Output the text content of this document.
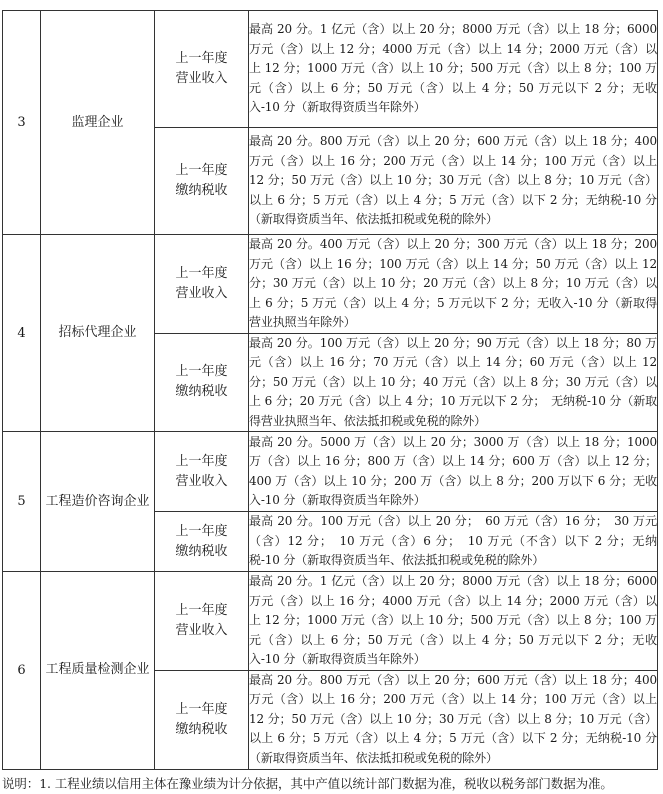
3	监理企业	上一年度
营业收入	最高 20 分。1 亿元（含）以上 20 分；8000 万元（含）以上 18 分；6000 万元（含）以上 12 分；4000 万元（含）以上 14 分；2000 万元（含）以上 12 分；1000 万元（含）以上 10 分；500 万元（含）以上 8 分；100 万元（含）以上 6 分；50 万元（含）以上 4 分；50 万元以下 2 分；无收入-10 分（新取得资质当年除外）

		上一年度
缴纳税收	最高 20 分。800 万元（含）以上 20 分；600 万元（含）以上 18 分；400 万元（含）以上 16 分；200 万元（含）以上 14 分；100 万元（含）以上 12 分；50 万元（含）以上 10 分；30 万元（含）以上 8 分；10 万元（含）以上 6 分；5 万元（含）以上 4 分；5 万元（含）以下 2 分；无纳税-10 分（新取得资质当年、依法抵扣税或免税的除外）
4	招标代理企业	上一年度
营业收入	最高 20 分。400 万元（含）以上 20 分；300 万元（含）以上 18 分；200 万元（含）以上 16 分；100 万元（含）以上 14 分；50 万元（含）以上 12 分；30 万元（含）以上 10 分；20 万元（含）以上 8 分；10 万元（含）以上 6 分；5 万元（含）以上 4 分；5 万元以下 2 分；无收入-10 分（新取得营业执照当年除外）

		上一年度
缴纳税收	最高 20 分。100 万元（含）以上 20 分；90 万元（含）以上 18 分；80 万元（含）以上 16 分；70 万元（含）以上 14 分；60 万元（含）以上 12 分；50 万元（含）以上 10 分；40 万元（含）以上 8 分；30 万元（含）以上 6 分；20 万元（含）以上 4 分；10 万元以下 2 分；　无纳税-10 分（新取得营业执照当年、依法抵扣税或免税的除外）
5	工程造价咨询企业	上一年度
营业收入	最高 20 分。5000 万（含）以上 20 分；3000 万（含）以上 18 分；1000 万（含）以上 16 分；800 万（含）以上 14 分；600 万（含）以上 12 分；400 万（含）以上 10 分；200 万（含）以上 8 分；200 万以下 6 分；无收入-10 分（新取得资质当年除外）

		上一年度
缴纳税收	最高 20 分。100 万元（含）以上 20 分；　60 万元（含）16 分；　30 万元（含）12 分；　10 万元（含）6 分；　10 万元（不含）以下 2 分；无纳税-10 分（新取得资质当年、依法抵扣税或免税的除外）
6	工程质量检测企业	上一年度
营业收入	最高 20 分。1 亿元（含）以上 20 分；8000 万元（含）以上 18 分；6000 万元（含）以上 16 分；4000 万元（含）以上 14 分；2000 万元（含）以上 12 分；1000 万元（含）以上 10 分；500 万元（含）以上 8 分；100 万元（含）以上 6 分；50 万元（含）以上 4 分；50 万元以下 2 分；无收入-10 分（新取得资质当年除外）

		上一年度
缴纳税收	最高 20 分。800 万元（含）以上 20 分；600 万元（含）以上 18 分；400 万元（含）以上 16 分；200 万元（含）以上 14 分；100 万元（含）以上 12 分；50 万元（含）以上 10 分；30 万元（含）以上 8 分；10 万元（含）以上 6 分；5 万元（含）以上 4 分；5 万元（含）以下 2 分；无纳税-10 分（新取得资质当年、依法抵扣税或免税的除外）
说明：1. 工程业绩以信用主体在豫业绩为计分依据，其中产值以统计部门数据为准，税收以税务部门数据为准。
